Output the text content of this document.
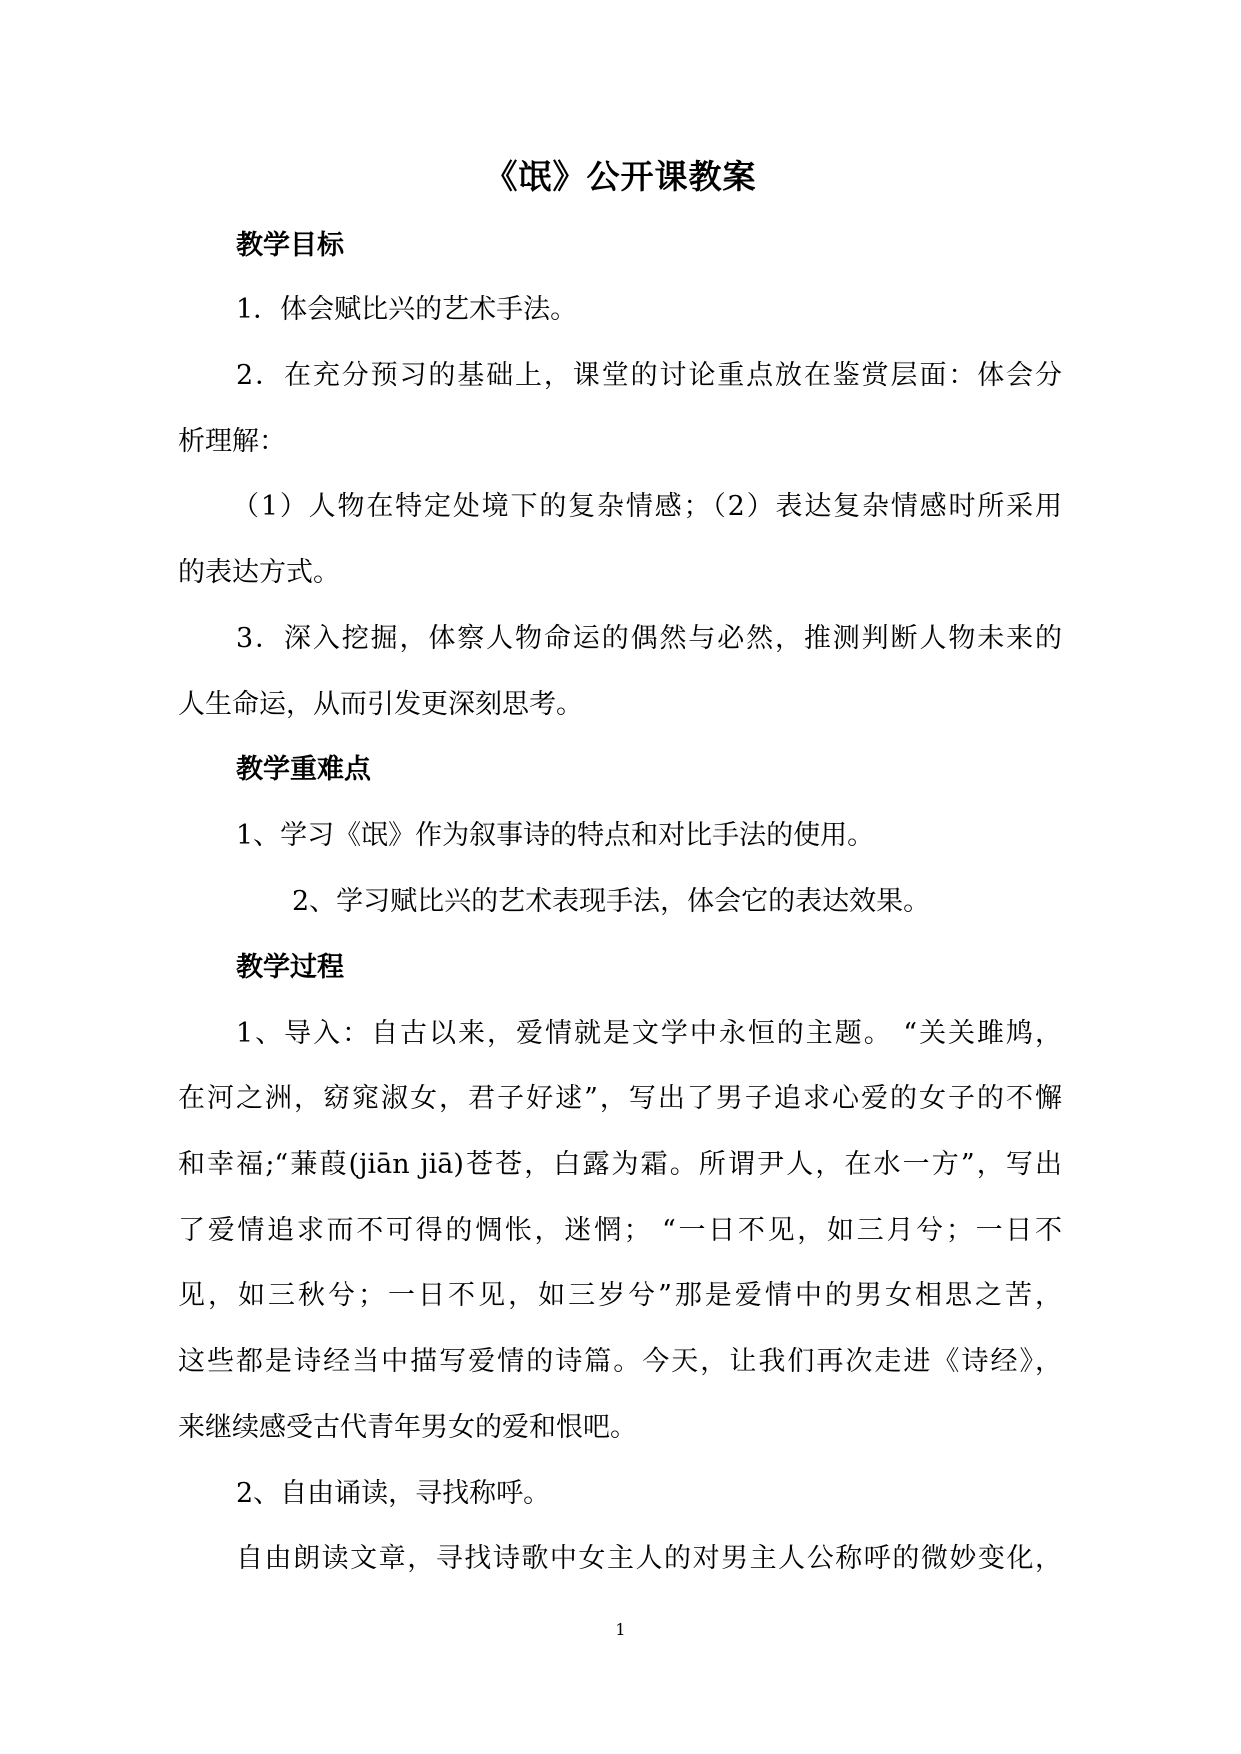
《氓》公开课教案
教学目标
1．体会赋比兴的艺术手法。
2．在充分预习的基础上，课堂的讨论重点放在鉴赏层面：体会分
析理解：
（1）人物在特定处境下的复杂情感；（2）表达复杂情感时所采用
的表达方式。
3．深入挖掘，体察人物命运的偶然与必然，推测判断人物未来的
人生命运，从而引发更深刻思考。
教学重难点
1、学习《氓》作为叙事诗的特点和对比手法的使用。
2、学习赋比兴的艺术表现手法，体会它的表达效果。
教学过程
1、导入：自古以来，爱情就是文学中永恒的主题。 “关关雎鸠，
在河之洲，窈窕淑女，君子好逑”，写出了男子追求心爱的女子的不懈
和幸福;“蒹葭(jiān jiā)苍苍，白露为霜。所谓尹人，在水一方”，写出
了爱情追求而不可得的惆怅，迷惘； “一日不见，如三月兮；一日不
见，如三秋兮；一日不见，如三岁兮”那是爱情中的男女相思之苦，
这些都是诗经当中描写爱情的诗篇。今天，让我们再次走进《诗经》，
来继续感受古代青年男女的爱和恨吧。
2、自由诵读，寻找称呼。
自由朗读文章，寻找诗歌中女主人的对男主人公称呼的微妙变化，
1
